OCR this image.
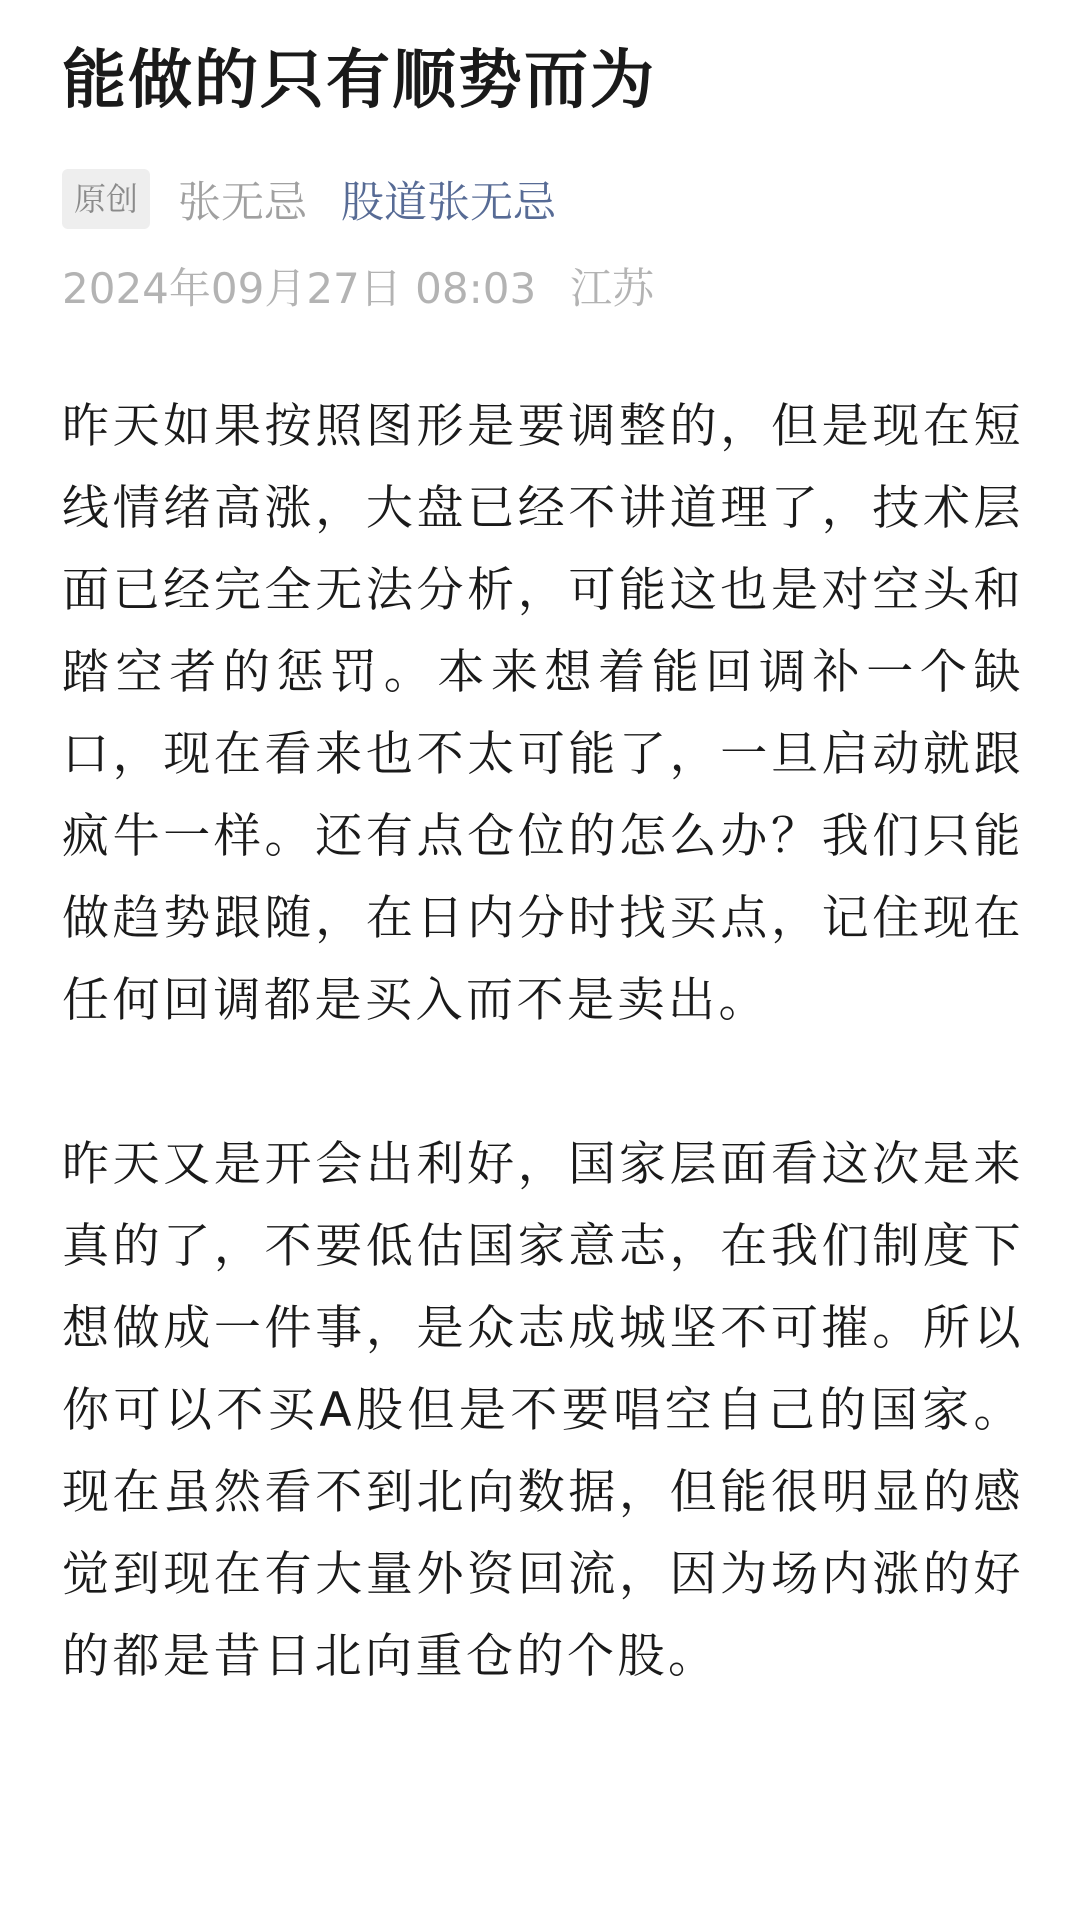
能做的只有顺势而为
原创 张无忌 股道张无忌
2024年09月27日 08:03 江苏

昨天如果按照图形是要调整的，但是现在短线情绪高涨，大盘已经不讲道理了，技术层面已经完全无法分析，可能这也是对空头和踏空者的惩罚。本来想着能回调补一个缺口，现在看来也不太可能了，一旦启动就跟疯牛一样。还有点仓位的怎么办？我们只能做趋势跟随，在日内分时找买点，记住现在任何回调都是买入而不是卖出。

昨天又是开会出利好，国家层面看这次是来真的了，不要低估国家意志，在我们制度下想做成一件事，是众志成城坚不可摧。所以你可以不买A股但是不要唱空自己的国家。现在虽然看不到北向数据，但能很明显的感觉到现在有大量外资回流，因为场内涨的好的都是昔日北向重仓的个股。
